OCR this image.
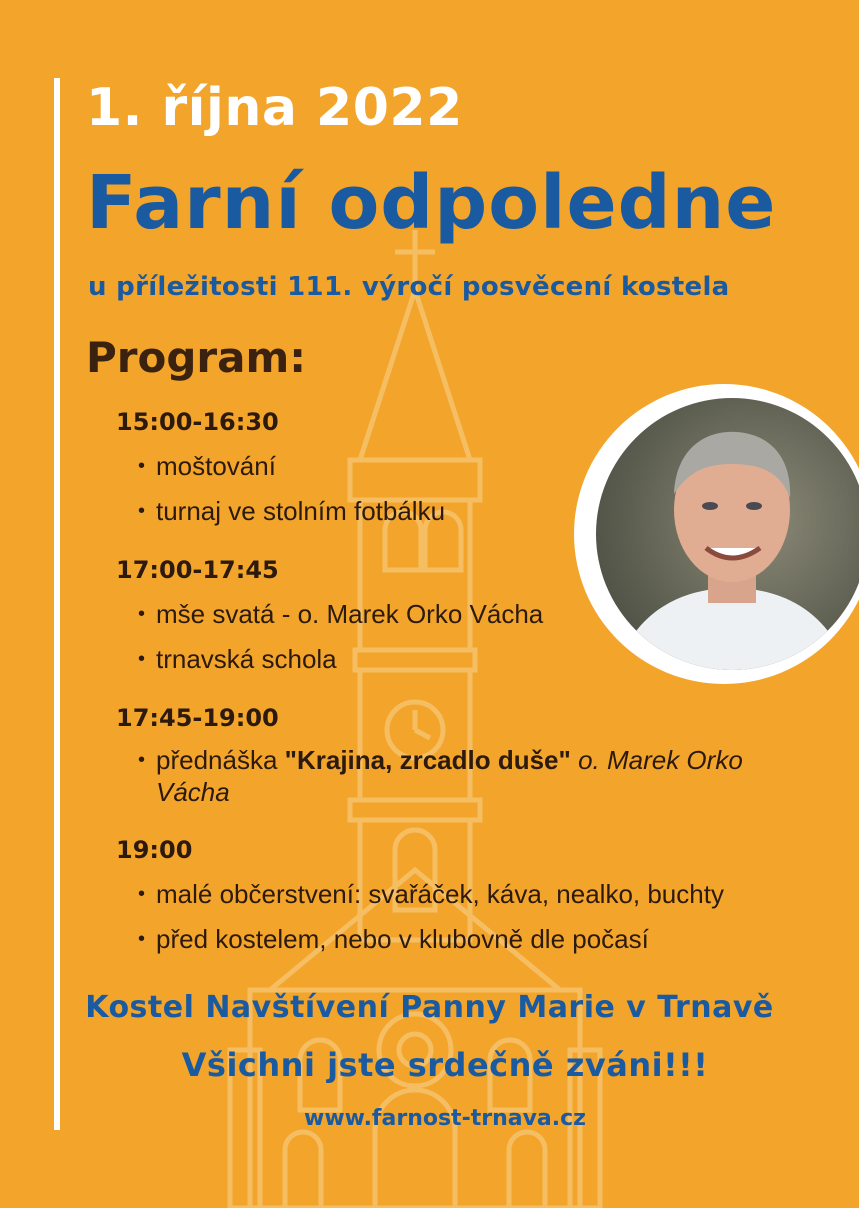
1. října 2022
Farní odpoledne
u příležitosti 111. výročí posvěcení kostela
Program:
15:00-16:30
• moštování
• turnaj ve stolním fotbálku
17:00-17:45
• mše svatá - o. Marek Orko Vácha
• trnavská schola
17:45-19:00
• přednáška "Krajina, zrcadlo duše" o. Marek Orko Vácha
19:00
• malé občerstvení: svařáček, káva, nealko, buchty
• před kostelem, nebo v klubovně dle počasí
Kostel Navštívení Panny Marie v Trnavě
Všichni jste srdečně zváni!!!
www.farnost-trnava.cz
